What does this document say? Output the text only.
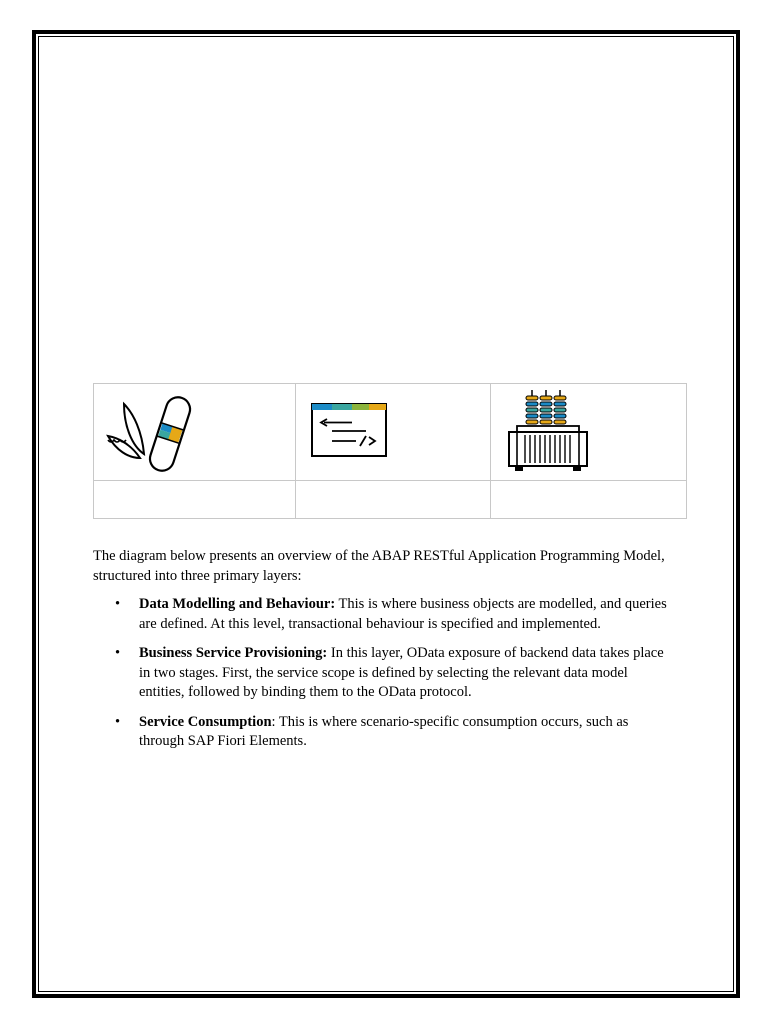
The diagram below presents an overview of the ABAP RESTful Application Programming Model, structured into three primary layers:

• Data Modelling and Behaviour: This is where business objects are modelled, and queries are defined. At this level, transactional behaviour is specified and implemented.
• Business Service Provisioning: In this layer, OData exposure of backend data takes place in two stages. First, the service scope is defined by selecting the relevant data model entities, followed by binding them to the OData protocol.
• Service Consumption: This is where scenario-specific consumption occurs, such as through SAP Fiori Elements.
